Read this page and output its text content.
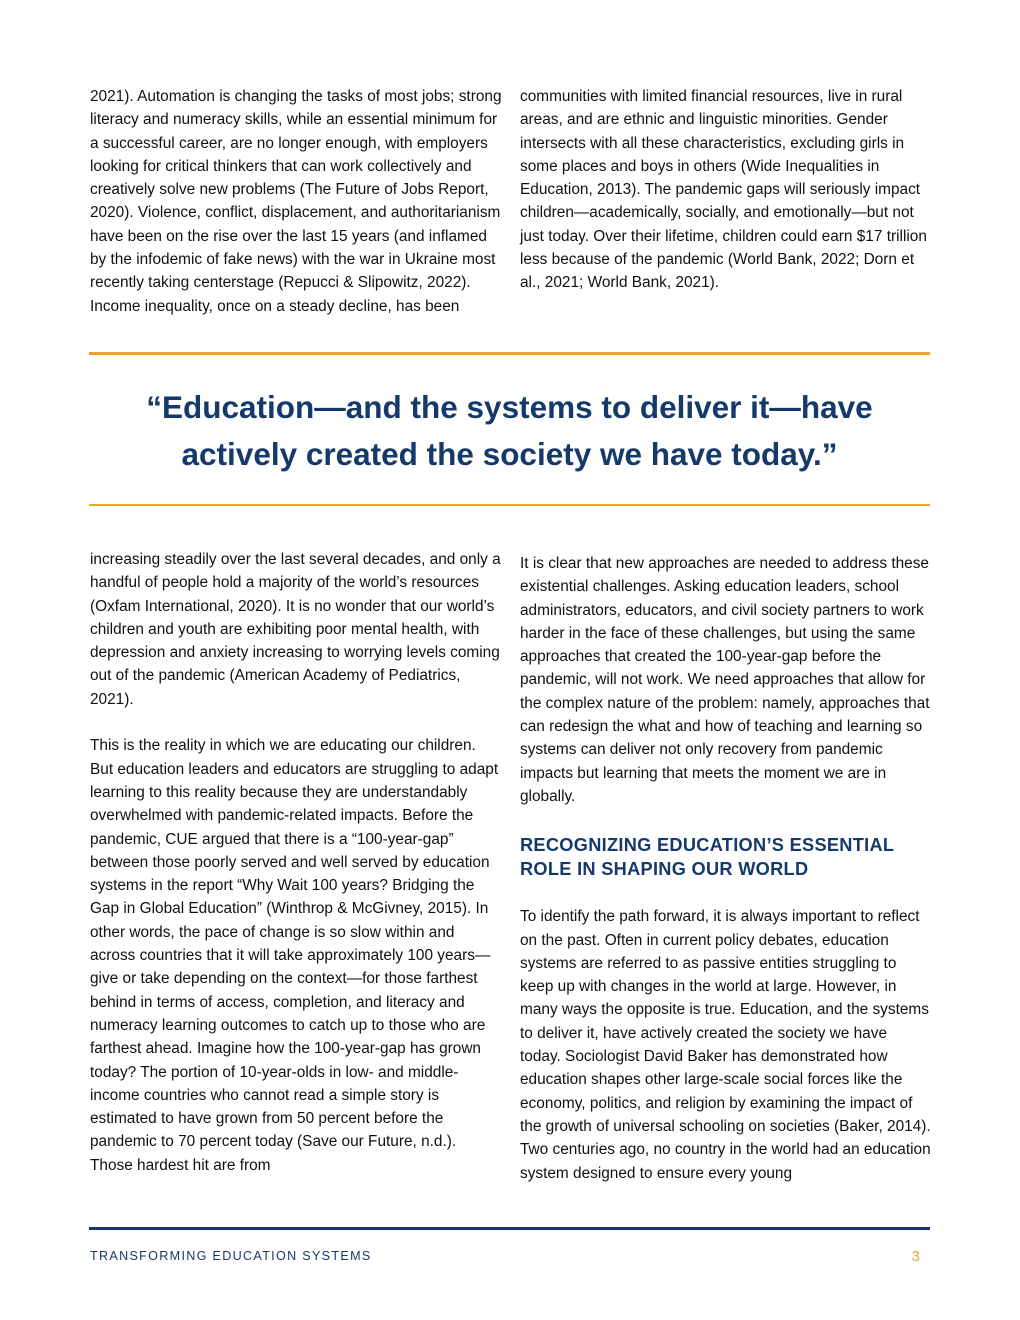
2021). Automation is changing the tasks of most jobs; strong literacy and numeracy skills, while an essential minimum for a successful career, are no longer enough, with employers looking for critical thinkers that can work collectively and creatively solve new problems (The Future of Jobs Report, 2020). Violence, conflict, displacement, and authoritarianism have been on the rise over the last 15 years (and inflamed by the infodemic of fake news) with the war in Ukraine most recently taking centerstage (Repucci & Slipowitz, 2022). Income inequality, once on a steady decline, has been

communities with limited financial resources, live in rural areas, and are ethnic and linguistic minorities. Gender intersects with all these characteristics, excluding girls in some places and boys in others (Wide Inequalities in Education, 2013). The pandemic gaps will seriously impact children—academically, socially, and emotionally—but not just today. Over their lifetime, children could earn $17 trillion less because of the pandemic (World Bank, 2022; Dorn et al., 2021; World Bank, 2021).

“Education—and the systems to deliver it—have actively created the society we have today.”

increasing steadily over the last several decades, and only a handful of people hold a majority of the world’s resources (Oxfam International, 2020). It is no wonder that our world’s children and youth are exhibiting poor mental health, with depression and anxiety increasing to worrying levels coming out of the pandemic (American Academy of Pediatrics, 2021).

This is the reality in which we are educating our children. But education leaders and educators are struggling to adapt learning to this reality because they are understandably overwhelmed with pandemic-related impacts. Before the pandemic, CUE argued that there is a “100-year-gap” between those poorly served and well served by education systems in the report “Why Wait 100 years? Bridging the Gap in Global Education” (Winthrop & McGivney, 2015). In other words, the pace of change is so slow within and across countries that it will take approximately 100 years—give or take depending on the context—for those farthest behind in terms of access, completion, and literacy and numeracy learning outcomes to catch up to those who are farthest ahead. Imagine how the 100-year-gap has grown today? The portion of 10-year-olds in low- and middle-income countries who cannot read a simple story is estimated to have grown from 50 percent before the pandemic to 70 percent today (Save our Future, n.d.). Those hardest hit are from

It is clear that new approaches are needed to address these existential challenges. Asking education leaders, school administrators, educators, and civil society partners to work harder in the face of these challenges, but using the same approaches that created the 100-year-gap before the pandemic, will not work. We need approaches that allow for the complex nature of the problem: namely, approaches that can redesign the what and how of teaching and learning so systems can deliver not only recovery from pandemic impacts but learning that meets the moment we are in globally.

RECOGNIZING EDUCATION’S ESSENTIAL ROLE IN SHAPING OUR WORLD

To identify the path forward, it is always important to reflect on the past. Often in current policy debates, education systems are referred to as passive entities struggling to keep up with changes in the world at large. However, in many ways the opposite is true. Education, and the systems to deliver it, have actively created the society we have today. Sociologist David Baker has demonstrated how education shapes other large-scale social forces like the economy, politics, and religion by examining the impact of the growth of universal schooling on societies (Baker, 2014). Two centuries ago, no country in the world had an education system designed to ensure every young

TRANSFORMING EDUCATION SYSTEMS	3
